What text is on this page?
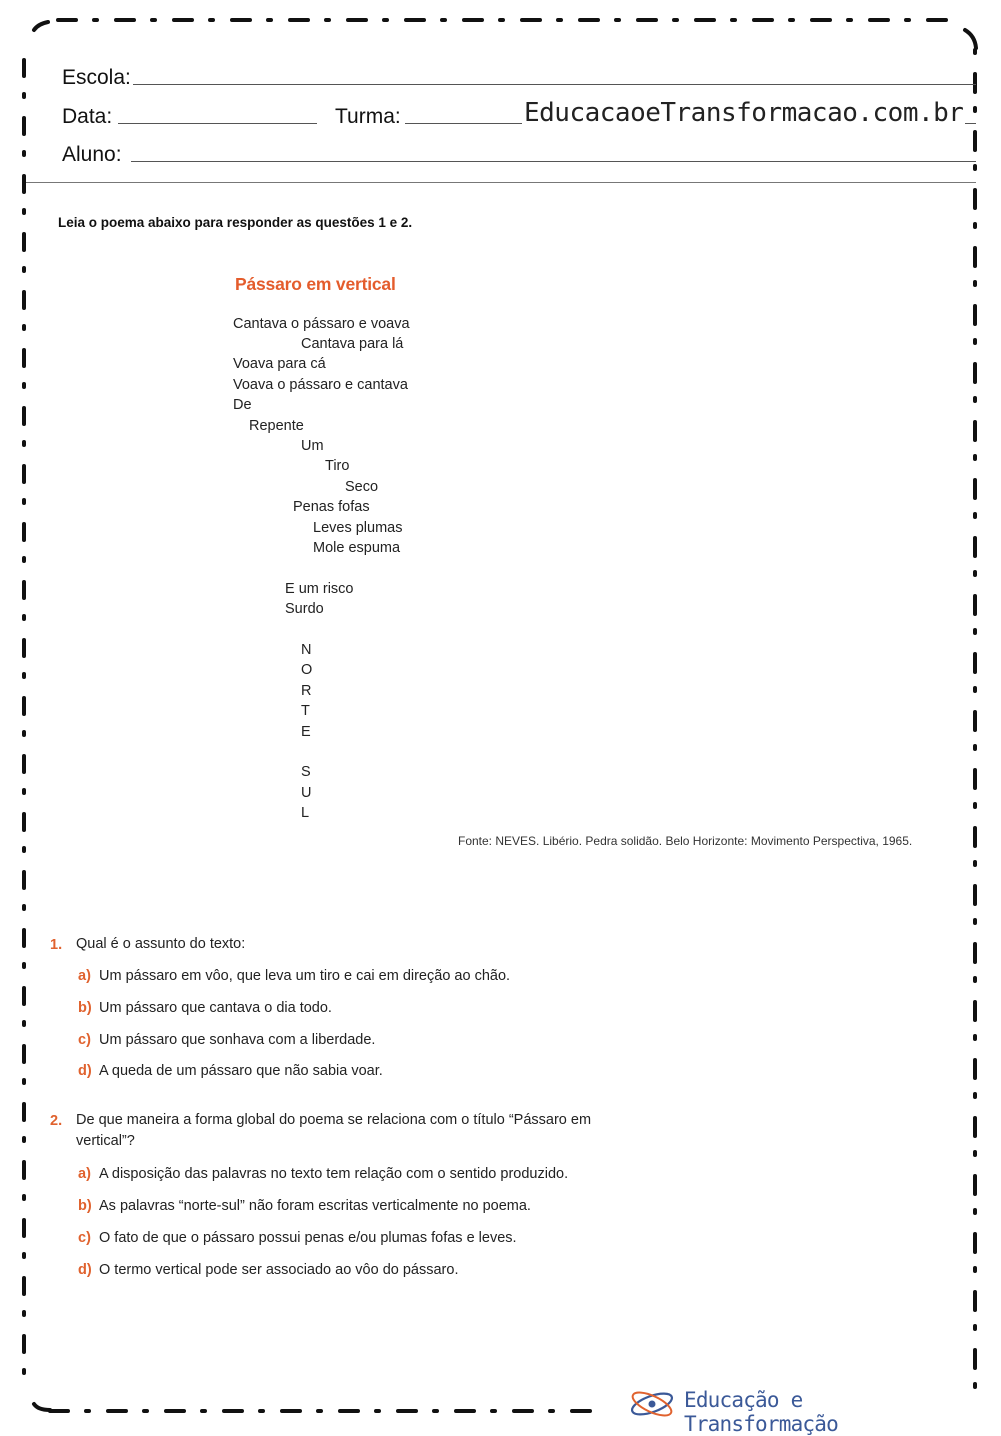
Escola:
Data:	Turma:	EducacaoeTransformacao.com.br
Aluno:
Leia o poema abaixo para responder as questões 1 e 2.
Pássaro em vertical
Cantava o pássaro e voava
Cantava para lá
Voava para cá
Voava o pássaro e cantava
De
Repente
Um
Tiro
Seco
Penas fofas
Leves plumas
Mole espuma
E um risco
Surdo
N
O
R
T
E
S
U
L
Fonte: NEVES. Libério. Pedra solidão. Belo Horizonte: Movimento Perspectiva, 1965.
1. Qual é o assunto do texto:
a) Um pássaro em vôo, que leva um tiro e cai em direção ao chão.
b) Um pássaro que cantava o dia todo.
c) Um pássaro que sonhava com a liberdade.
d) A queda de um pássaro que não sabia voar.
2. De que maneira a forma global do poema se relaciona com o título “Pássaro em vertical”?
a) A disposição das palavras no texto tem relação com o sentido produzido.
b) As palavras “norte-sul” não foram escritas verticalmente no poema.
c) O fato de que o pássaro possui penas e/ou plumas fofas e leves.
d) O termo vertical pode ser associado ao vôo do pássaro.
Educação e Transformação
